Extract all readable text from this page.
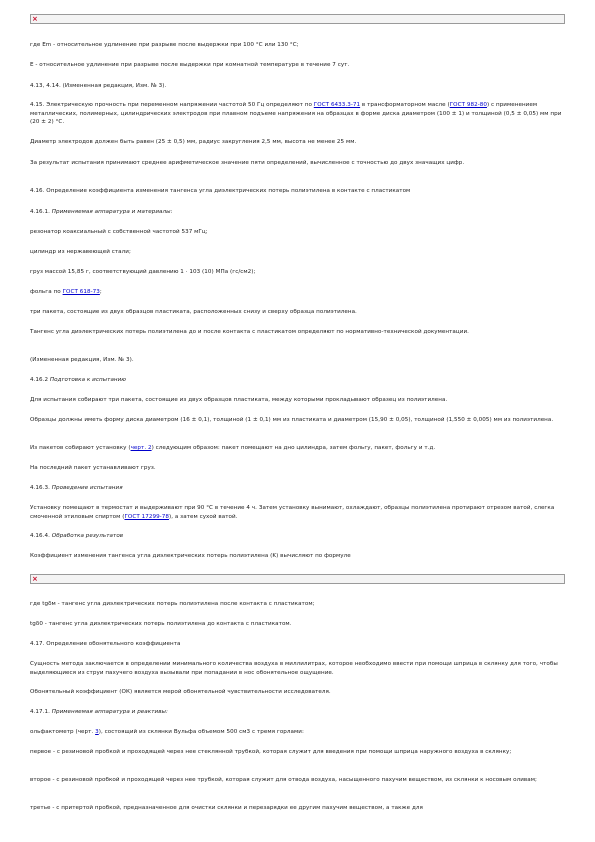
×

где Em - относительное удлинение при разрыве после выдержки при 100 °С или 130 °С;

Е - относительное удлинение при разрыве после выдержки при комнатной температуре в течение 7 сут.

4.13, 4.14. (Измененная редакция, Изм. № 3).

4.15. Электрическую прочность при переменном напряжении частотой 50 Гц определяют по ГОСТ 6433.3-71 в трансформаторном масле (ГОСТ 982-80) с применением металлических, полимерных, цилиндрических электродов при плавном подъеме напряжения на образцах в форме диска диаметром (100 ± 1) и толщиной (0,5 ± 0,05) мм при (20 ± 2) °С.

Диаметр электродов должен быть равен (25 ± 0,5) мм, радиус закругления 2,5 мм, высота не менее 25 мм.

За результат испытания принимают среднее арифметическое значение пяти определений, вычисленное с точностью до двух значащих цифр.

4.16. Определение коэффициента изменения тангенса угла диэлектрических потерь полиэтилена в контакте с пластикатом

4.16.1. Применяемая аппаратура и материалы:

резонатор коаксиальный с собственной частотой 537 мГц;

цилиндр из нержавеющей стали;

груз массой 15,85 г, соответствующий давлению 1 · 103 (10) МПа (гс/см2);

фольга по ГОСТ 618-73;

три пакета, состоящие из двух образцов пластиката, расположенных снизу и сверху образца полиэтилена.

Тангенс угла диэлектрических потерь полиэтилена до и после контакта с пластикатом определяют по нормативно-технической документации.

(Измененная редакция, Изм. № 3).

4.16.2 Подготовка к испытанию

Для испытания собирают три пакета, состоящие из двух образцов пластиката, между которыми прокладывают образец из полиэтилена.

Образцы должны иметь форму диска диаметром (16 ± 0,1), толщиной (1 ± 0,1) мм из пластиката и диаметром (15,90 ± 0,05), толщиной (1,550 ± 0,005) мм из полиэтилена.

Из пакетов собирают установку (черт. 2) следующим образом: пакет помещают на дно цилиндра, затем фольгу, пакет, фольгу и т.д.

На последний пакет устанавливают груз.

4.16.3. Проведение испытания

Установку помещают в термостат и выдерживают при 90 °С в течение 4 ч. Затем установку вынимают, охлаждают, образцы полиэтилена протирают отрезом ватой, слегка смоченной этиловым спиртом (ГОСТ 17299-78), а затем сухой ватой.

4.16.4. Обработка результатов

Коэффициент изменения тангенса угла диэлектрических потерь полиэтилена (K) вычисляют по формуле

×

где tgδм - тангенс угла диэлектрических потерь полиэтилена после контакта с пластикатом;

tgδ0 - тангенс угла диэлектрических потерь полиэтилена до контакта с пластикатом.

4.17. Определение обонятельного коэффициента

Сущность метода заключается в определении минимального количества воздуха в миллилитрах, которое необходимо ввести при помощи шприца в склянку для того, чтобы выделяющиеся из струи пахучего воздуха вызывали при попадании в нос обонятельное ощущение.

Обонятельный коэффициент (ОК) является мерой обонятельной чувствительности исследователя.

4.17.1. Применяемая аппаратура и реактивы:

ольфактометр (черт. 3), состоящий из склянки Вульфа объемом 500 см3 с тремя горлами:

первое - с резиновой пробкой и проходящей через нее стеклянной трубкой, которая служит для введения при помощи шприца наружного воздуха в склянку;

второе - с резиновой пробкой и проходящей через нее трубкой, которая служит для отвода воздуха, насыщенного пахучим веществом, из склянки к носовым оливам;

третье - с притертой пробкой, предназначенное для очистки склянки и перезарядки ее другим пахучим веществом, а также для
